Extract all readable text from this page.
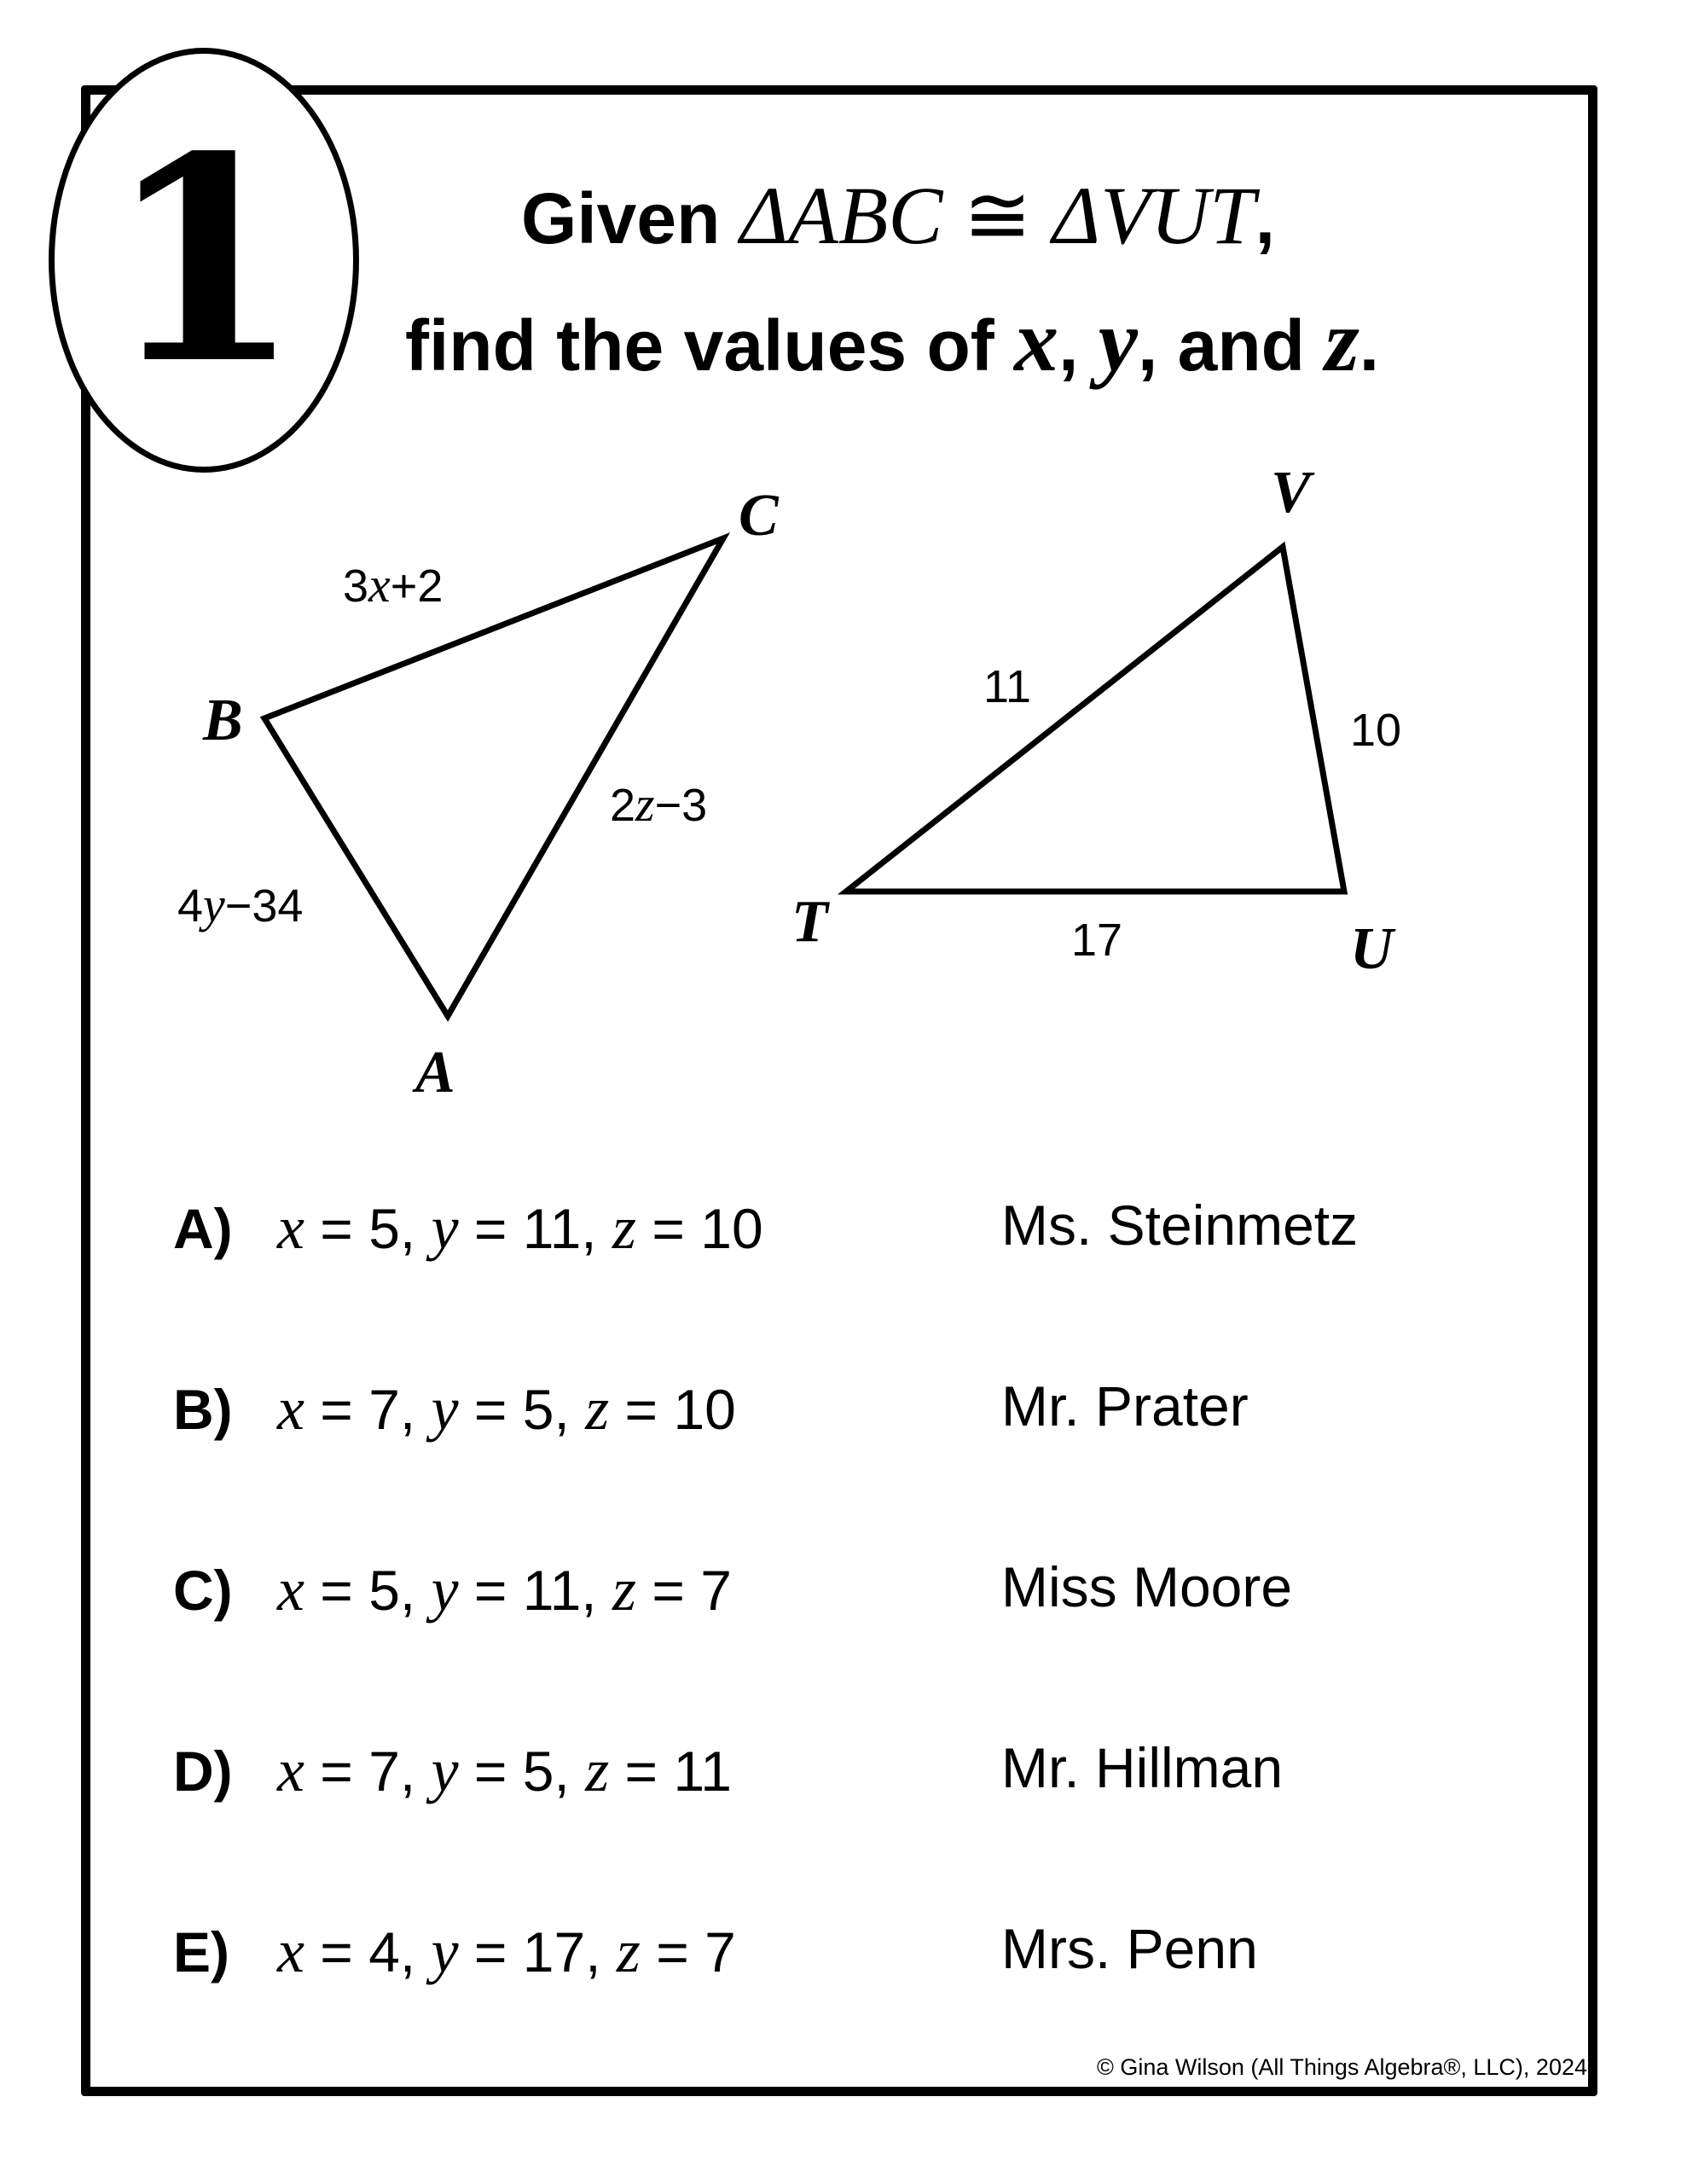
1	Given ΔABC ≅ ΔVUT,
find the values of x, y, and z.
C
B
A
3x+2
2z−3
4y−34
V
T	U
11
10
17
A) x = 5, y = 11, z = 10	Ms. Steinmetz
B) x = 7, y = 5, z = 10	Mr. Prater
C) x = 5, y = 11, z = 7	Miss Moore
D) x = 7, y = 5, z = 11	Mr. Hillman
E) x = 4, y = 17, z = 7	Mrs. Penn
© Gina Wilson (All Things Algebra®, LLC), 2024
